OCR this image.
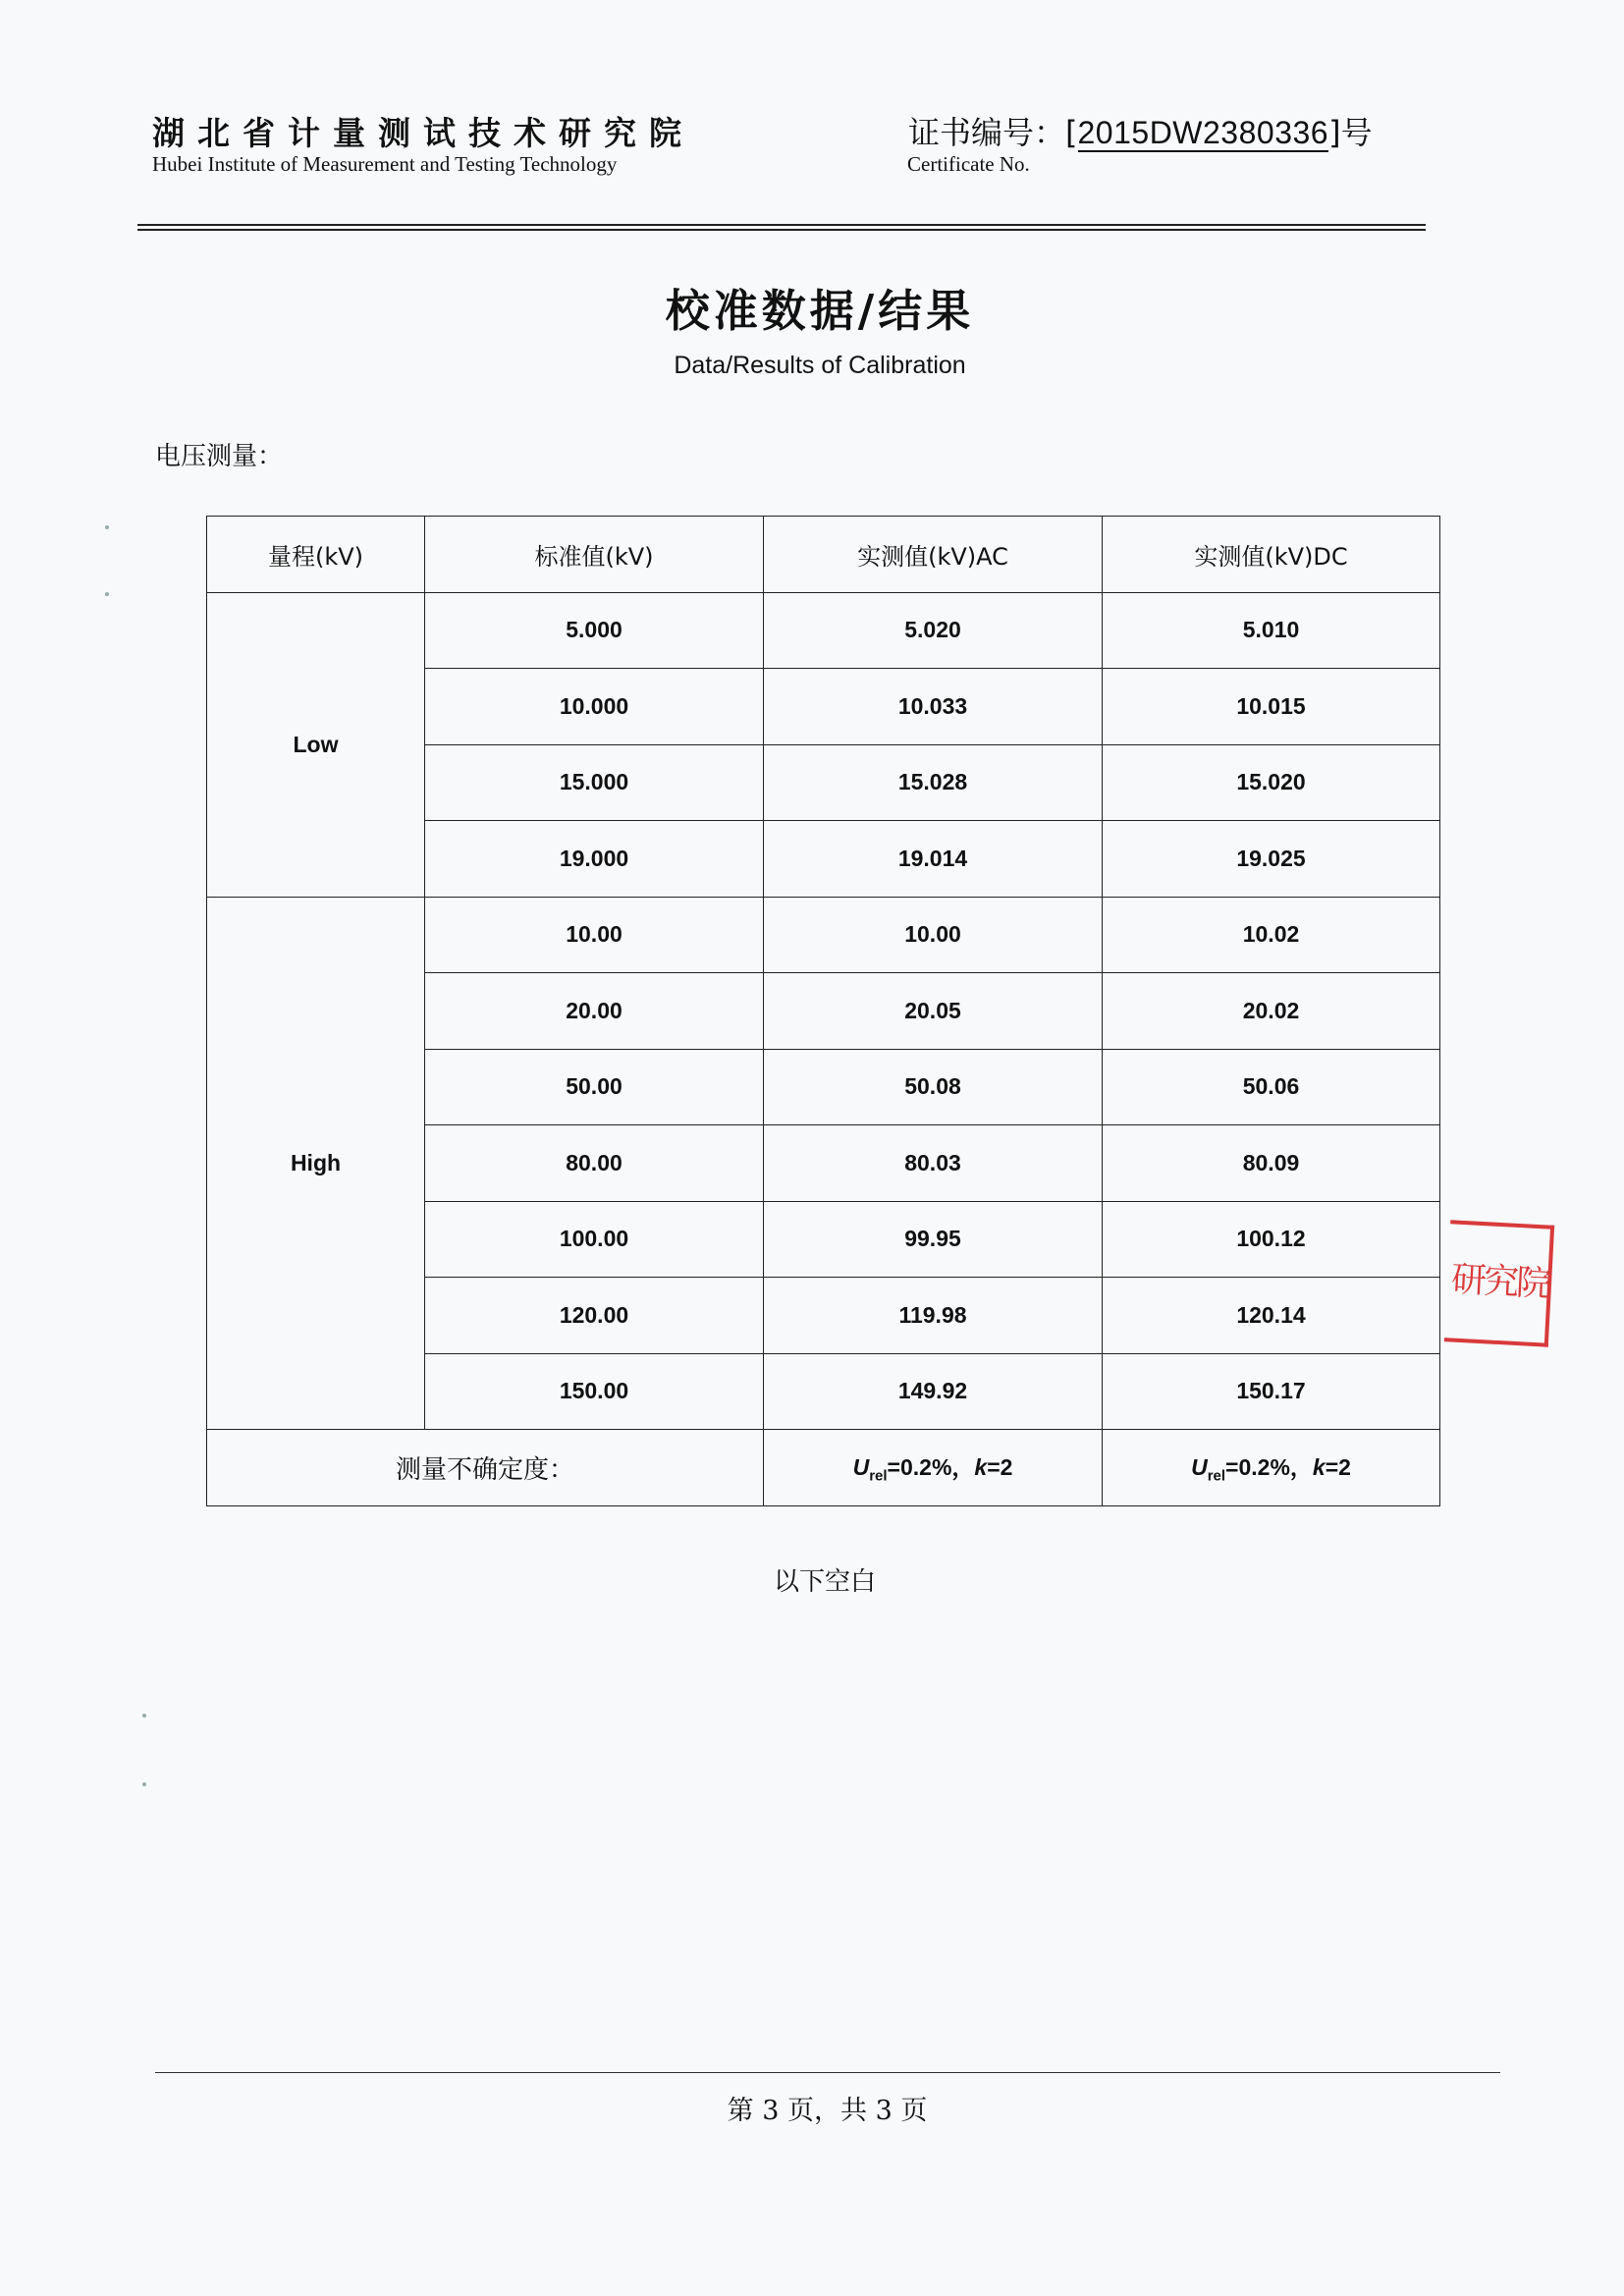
湖北省计量测试技术研究院
Hubei Institute of Measurement and Testing Technology
证书编号：[2015DW2380336]号
Certificate No.
校准数据/结果
Data/Results of Calibration
电压测量：
量程(kV)	标准值(kV)	实测值(kV)AC	实测值(kV)DC
Low	5.000	5.020	5.010
	10.000	10.033	10.015
	15.000	15.028	15.020
	19.000	19.014	19.025
High	10.00	10.00	10.02
	20.00	20.05	20.02
	50.00	50.08	50.06
	80.00	80.03	80.09
	100.00	99.95	100.12
	120.00	119.98	120.14
	150.00	149.92	150.17
测量不确定度：		$U_{rel}=0.2\%$，k=2	$U_{rel}=0.2\%$，k=2
以下空白
研究院
第 3 页，共 3 页
